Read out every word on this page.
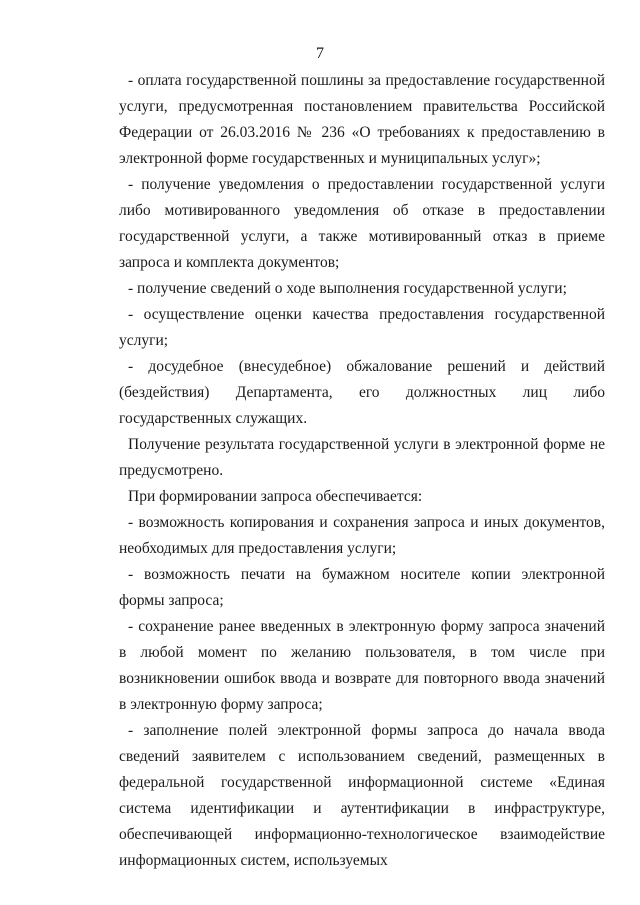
7

- оплата государственной пошлины за предоставление государственной услуги, предусмотренная постановлением правительства Российской Федерации от 26.03.2016 № 236 «О требованиях к предоставлению в электронной форме государственных и муниципальных услуг»;

- получение уведомления о предоставлении государственной услуги либо мотивированного уведомления об отказе в предоставлении государственной услуги, а также мотивированный отказ в приеме запроса и комплекта документов;

- получение сведений о ходе выполнения государственной услуги;

- осуществление оценки качества предоставления государственной услуги;

- досудебное (внесудебное) обжалование решений и действий (бездействия) Департамента, его должностных лиц либо государственных служащих.

Получение результата государственной услуги в электронной форме не предусмотрено.

При формировании запроса обеспечивается:

- возможность копирования и сохранения запроса и иных документов, необходимых для предоставления услуги;

- возможность печати на бумажном носителе копии электронной формы запроса;

- сохранение ранее введенных в электронную форму запроса значений в любой момент по желанию пользователя, в том числе при возникновении ошибок ввода и возврате для повторного ввода значений в электронную форму запроса;

- заполнение полей электронной формы запроса до начала ввода сведений заявителем с использованием сведений, размещенных в федеральной государственной информационной системе «Единая система идентификации и аутентификации в инфраструктуре, обеспечивающей информационно-технологическое взаимодействие информационных систем, используемых
